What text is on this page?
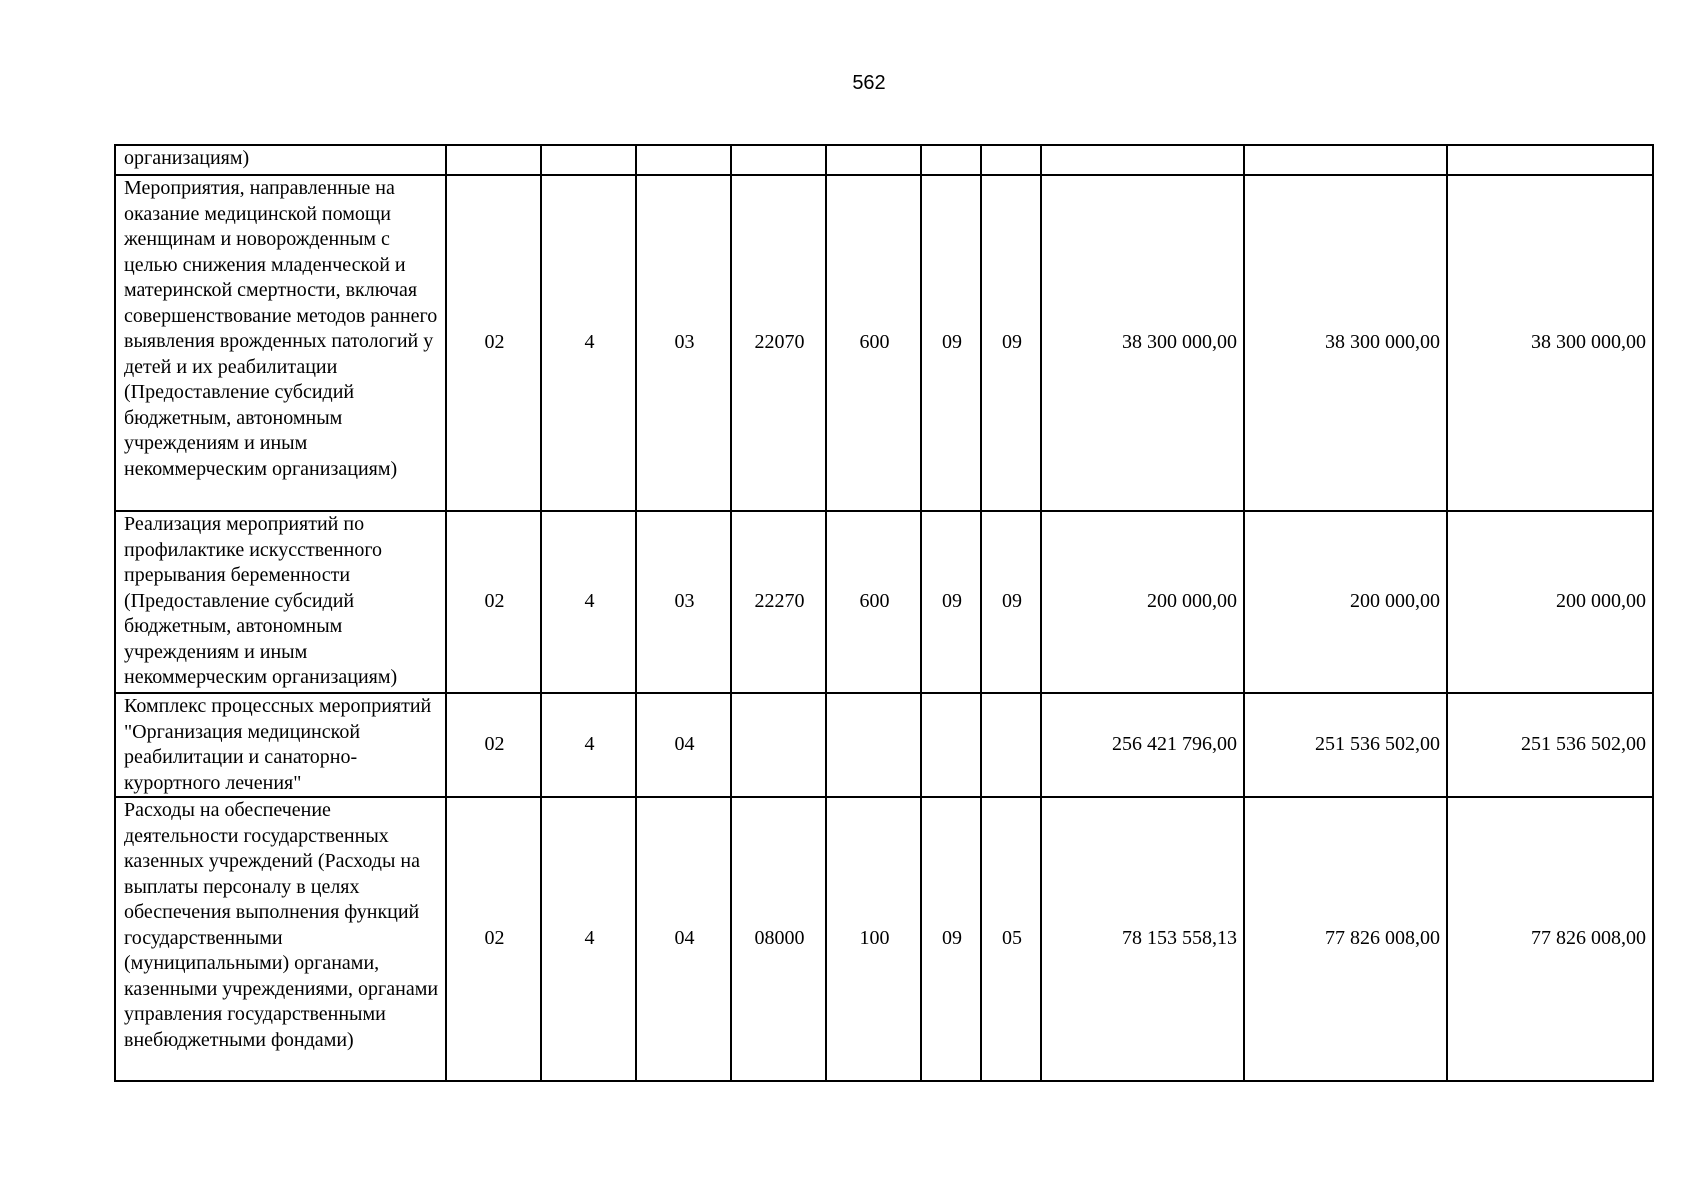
562
организациям)										
Мероприятия, направленные на оказание медицинской помощи женщинам и новорожденным с целью снижения младенческой и материнской смертности, включая совершенствование методов раннего выявления врожденных патологий у детей и их реабилитации (Предоставление субсидий бюджетным, автономным учреждениям и иным некоммерческим организациям)	02	4	03	22070	600	09	09	38 300 000,00	38 300 000,00	38 300 000,00
Реализация мероприятий по профилактике искусственного прерывания беременности (Предоставление субсидий бюджетным, автономным учреждениям и иным некоммерческим организациям)	02	4	03	22270	600	09	09	200 000,00	200 000,00	200 000,00
Комплекс процессных мероприятий "Организация медицинской реабилитации и санаторно-курортного лечения"	02	4	04					256 421 796,00	251 536 502,00	251 536 502,00
Расходы на обеспечение деятельности государственных казенных учреждений (Расходы на выплаты персоналу в целях обеспечения выполнения функций государственными (муниципальными) органами, казенными учреждениями, органами управления государственными внебюджетными фондами)	02	4	04	08000	100	09	05	78 153 558,13	77 826 008,00	77 826 008,00
